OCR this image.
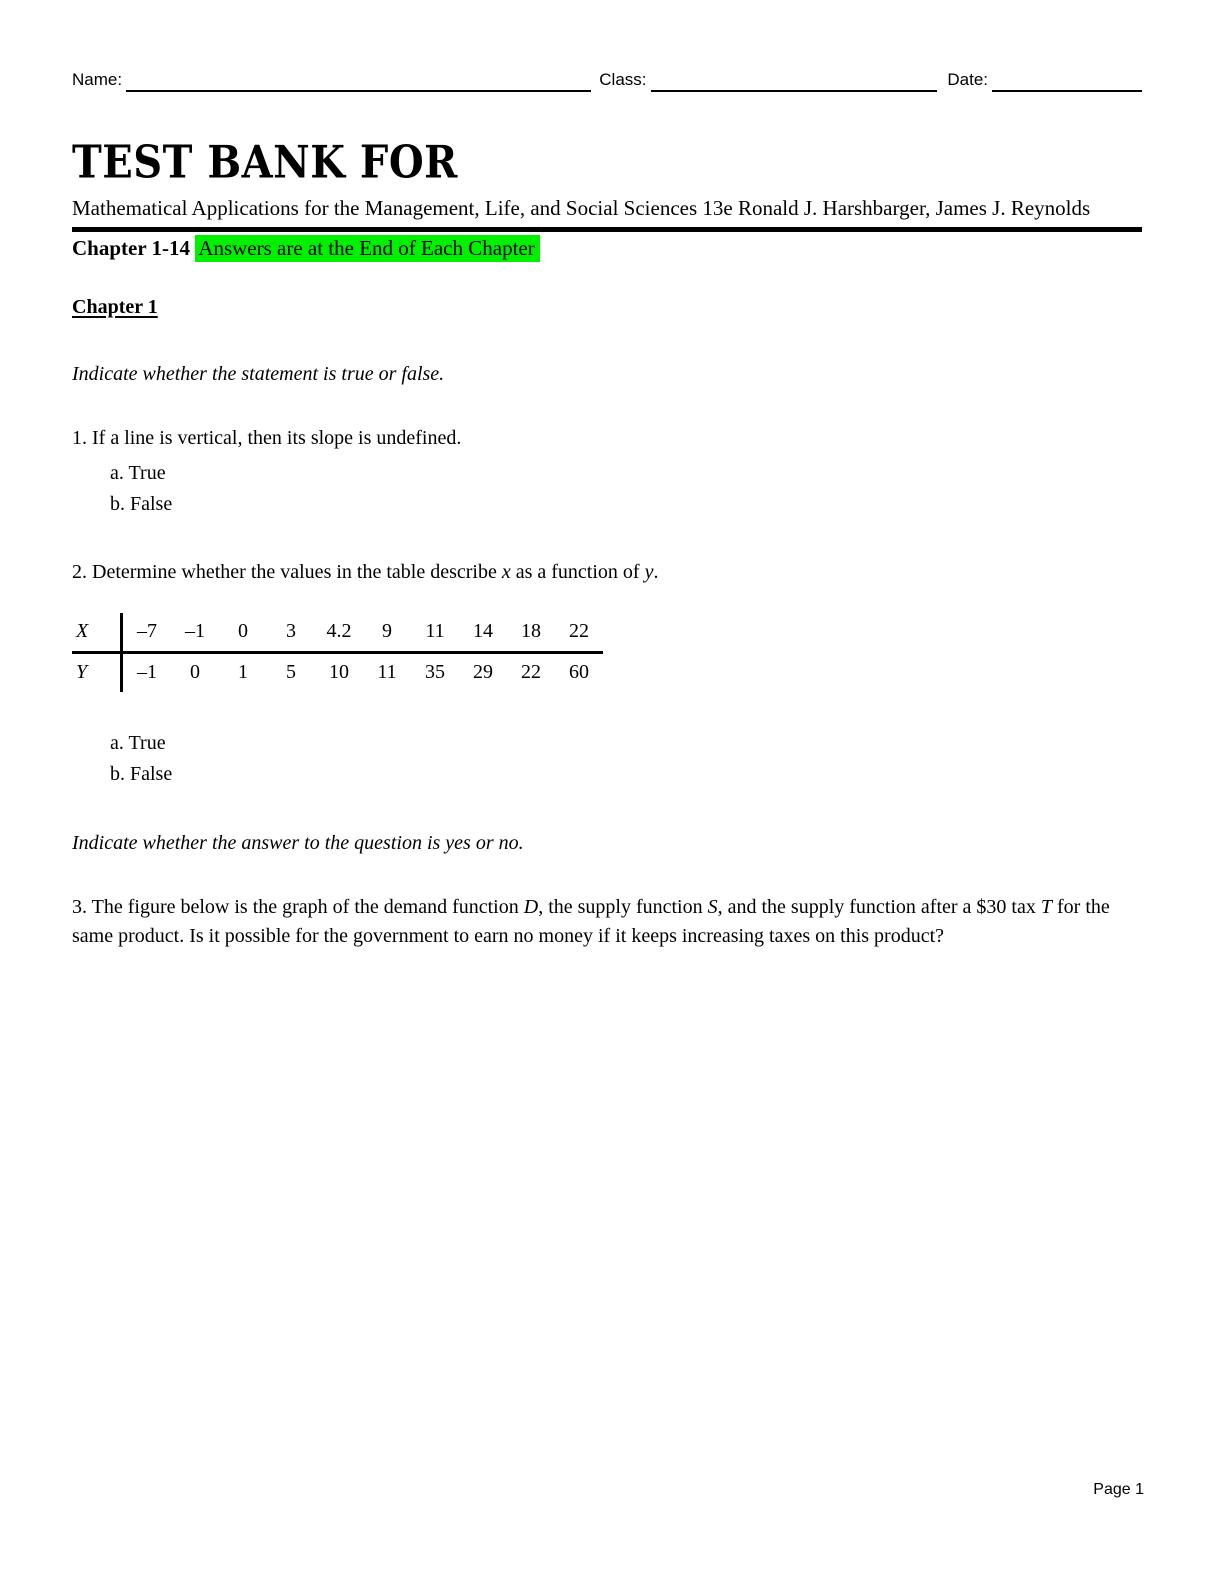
Name:	Class:	Date:
TEST BANK FOR
Mathematical Applications for the Management, Life, and Social Sciences 13e Ronald J. Harshbarger, James J. Reynolds
Chapter 1-14 Answers are at the End of Each Chapter
Chapter 1
Indicate whether the statement is true or false.
1. If a line is vertical, then its slope is undefined.
a. True
b. False
2. Determine whether the values in the table describe x as a function of y.
X	–7	–1	0	3	4.2	9	11	14	18	22
Y	–1	0	1	5	10	11	35	29	22	60
a. True
b. False
Indicate whether the answer to the question is yes or no.
3. The figure below is the graph of the demand function D, the supply function S, and the supply function after a $30 tax T for the same product. Is it possible for the government to earn no money if it keeps increasing taxes on this product?
Page 1
